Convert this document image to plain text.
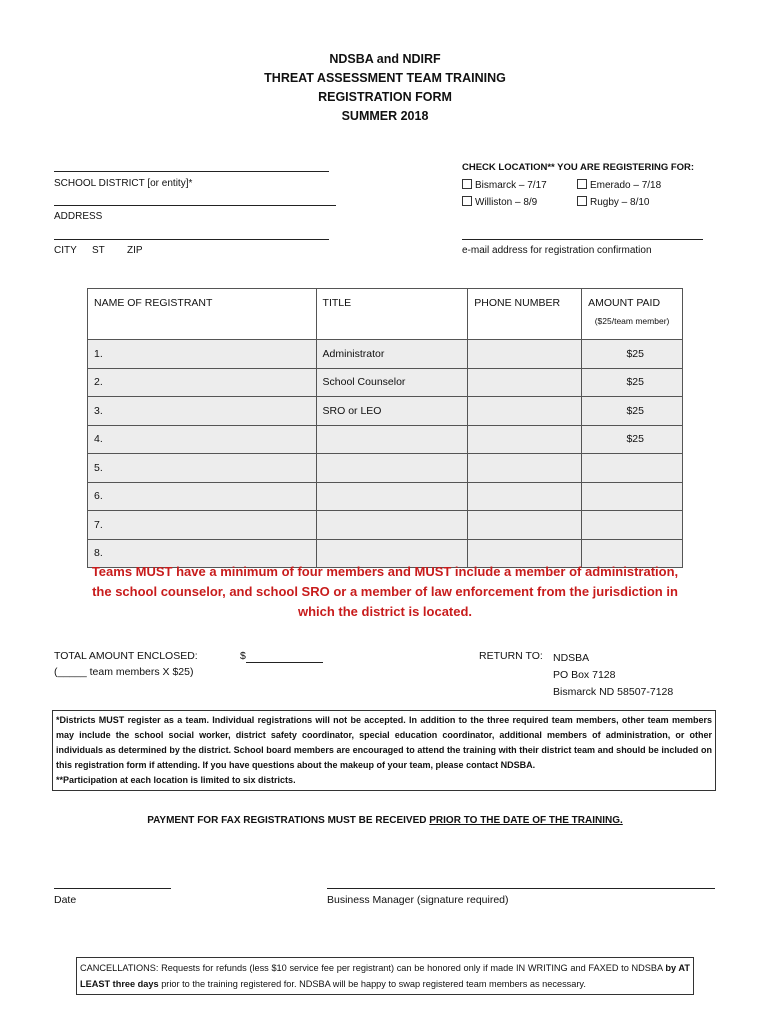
NDSBA and NDIRF
THREAT ASSESSMENT TEAM TRAINING
REGISTRATION FORM
SUMMER 2018
SCHOOL DISTRICT [or entity]*
ADDRESS
CITY ST ZIP
CHECK LOCATION** YOU ARE REGISTERING FOR:
Bismarck – 7/17	Emerado – 7/18
Williston – 8/9	Rugby – 8/10
e-mail address for registration confirmation
NAME OF REGISTRANT	TITLE	PHONE NUMBER	AMOUNT PAID
($25/team member)

1.	Administrator		$25
2.	School Counselor		$25
3.	SRO or LEO		$25
4.			$25
5.			
6.			
7.			
8.			
Teams MUST have a minimum of four members and MUST include a member of administration,
the school counselor, and school SRO or a member of law enforcement from the jurisdiction in
which the district is located.
TOTAL AMOUNT ENCLOSED:
(_____ team members X $25)
$	RETURN TO: NDSBA
PO Box 7128
Bismarck ND 58507-7128
*Districts MUST register as a team. Individual registrations will not be accepted. In addition to the three required team members, other team members may include the school social worker, district safety coordinator, special education coordinator, additional members of administration, or other individuals as determined by the district. School board members are encouraged to attend the training with their district team and should be included on this registration form if attending. If you have questions about the makeup of your team, please contact NDSBA.
**Participation at each location is limited to six districts.
PAYMENT FOR FAX REGISTRATIONS MUST BE RECEIVED PRIOR TO THE DATE OF THE TRAINING.
Date	Business Manager (signature required)
CANCELLATIONS: Requests for refunds (less $10 service fee per registrant) can be honored only if made IN WRITING and FAXED to NDSBA by AT LEAST three days prior to the training registered for. NDSBA will be happy to swap registered team members as necessary.
